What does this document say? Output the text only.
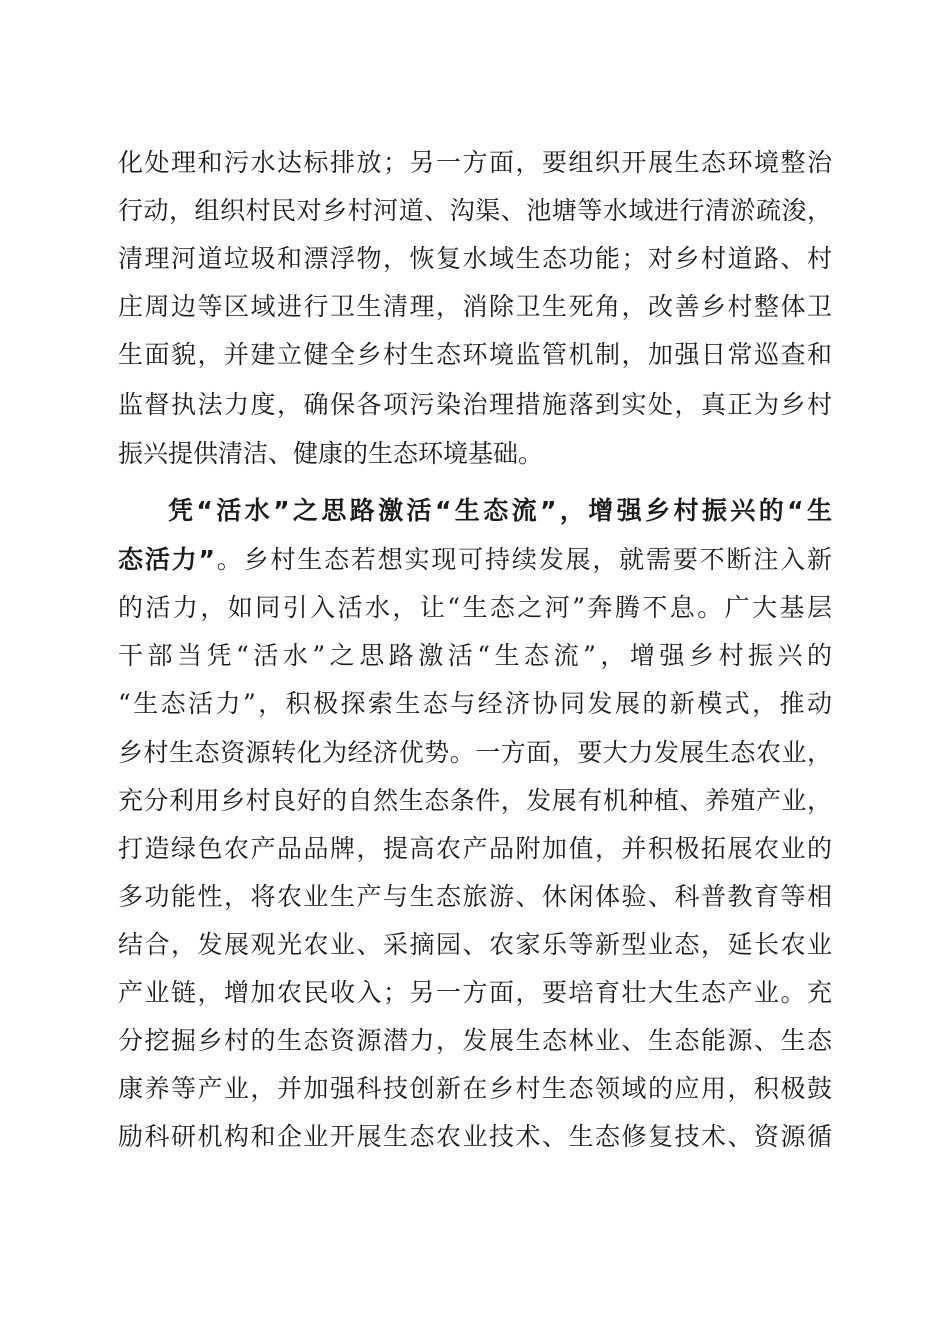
化处理和污水达标排放；另一方面，要组织开展生态环境整治
行动，组织村民对乡村河道、沟渠、池塘等水域进行清淤疏浚，
清理河道垃圾和漂浮物，恢复水域生态功能；对乡村道路、村
庄周边等区域进行卫生清理，消除卫生死角，改善乡村整体卫
生面貌，并建立健全乡村生态环境监管机制，加强日常巡查和
监督执法力度，确保各项污染治理措施落到实处，真正为乡村
振兴提供清洁、健康的生态环境基础。
凭“活水”之思路激活“生态流”，增强乡村振兴的“生
态活力”。乡村生态若想实现可持续发展，就需要不断注入新
的活力，如同引入活水，让“生态之河”奔腾不息。广大基层
干部当凭“活水”之思路激活“生态流”，增强乡村振兴的
“生态活力”，积极探索生态与经济协同发展的新模式，推动
乡村生态资源转化为经济优势。一方面，要大力发展生态农业，
充分利用乡村良好的自然生态条件，发展有机种植、养殖产业，
打造绿色农产品品牌，提高农产品附加值，并积极拓展农业的
多功能性，将农业生产与生态旅游、休闲体验、科普教育等相
结合，发展观光农业、采摘园、农家乐等新型业态，延长农业
产业链，增加农民收入；另一方面，要培育壮大生态产业。充
分挖掘乡村的生态资源潜力，发展生态林业、生态能源、生态
康养等产业，并加强科技创新在乡村生态领域的应用，积极鼓
励科研机构和企业开展生态农业技术、生态修复技术、资源循
